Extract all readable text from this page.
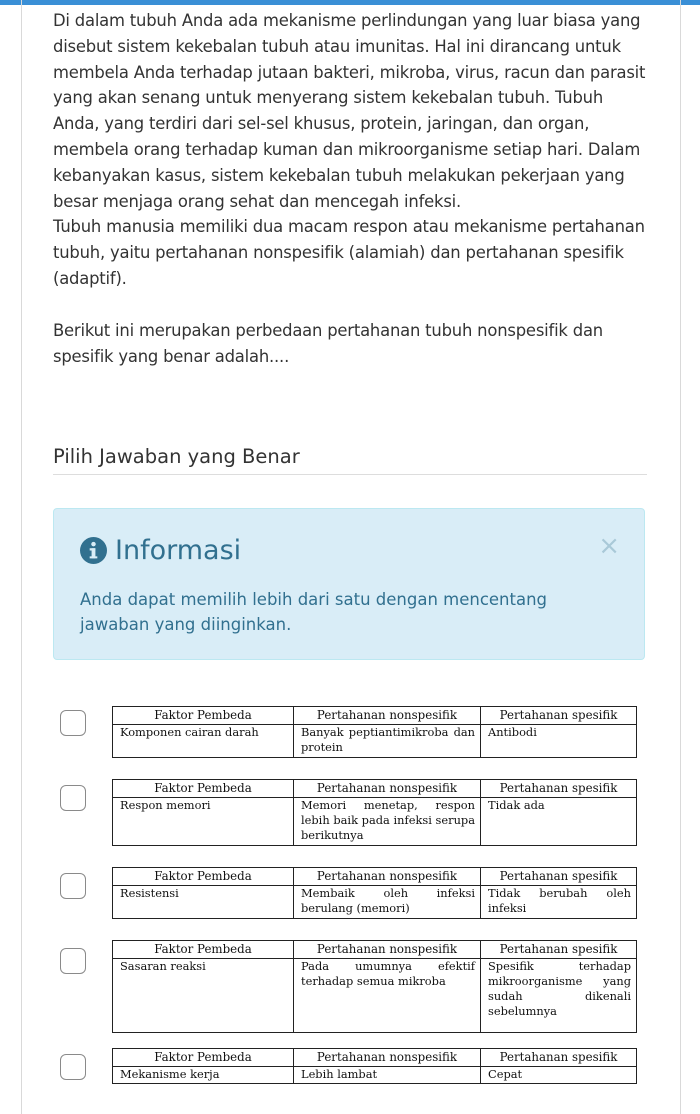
Di dalam tubuh Anda ada mekanisme perlindungan yang luar biasa yang disebut sistem kekebalan tubuh atau imunitas. Hal ini dirancang untuk membela Anda terhadap jutaan bakteri, mikroba, virus, racun dan parasit yang akan senang untuk menyerang sistem kekebalan tubuh. Tubuh Anda, yang terdiri dari sel-sel khusus, protein, jaringan, dan organ, membela orang terhadap kuman dan mikroorganisme setiap hari. Dalam kebanyakan kasus, sistem kekebalan tubuh melakukan pekerjaan yang besar menjaga orang sehat dan mencegah infeksi.

Tubuh manusia memiliki dua macam respon atau mekanisme pertahanan tubuh, yaitu pertahanan nonspesifik (alamiah) dan pertahanan spesifik (adaptif).

Berikut ini merupakan perbedaan pertahanan tubuh nonspesifik dan spesifik yang benar adalah....

Pilih Jawaban yang Benar
Informasi	×
Anda dapat memilih lebih dari satu dengan mencentang jawaban yang diinginkan.
Faktor Pembeda	Pertahanan nonspesifik	Pertahanan spesifik
Komponen cairan darah	Banyak peptiantimikroba dan protein	Antibodi
Faktor Pembeda	Pertahanan nonspesifik	Pertahanan spesifik
Respon memori	Memori menetap, respon lebih baik pada infeksi serupa berikutnya	Tidak ada
Faktor Pembeda	Pertahanan nonspesifik	Pertahanan spesifik
Resistensi	Membaik oleh infeksi berulang (memori)	Tidak berubah oleh infeksi
Faktor Pembeda	Pertahanan nonspesifik	Pertahanan spesifik
Sasaran reaksi	Pada umumnya efektif terhadap semua mikroba	Spesifik terhadap mikroorganisme yang sudah dikenali sebelumnya
Faktor Pembeda	Pertahanan nonspesifik	Pertahanan spesifik
Mekanisme kerja	Lebih lambat	Cepat
